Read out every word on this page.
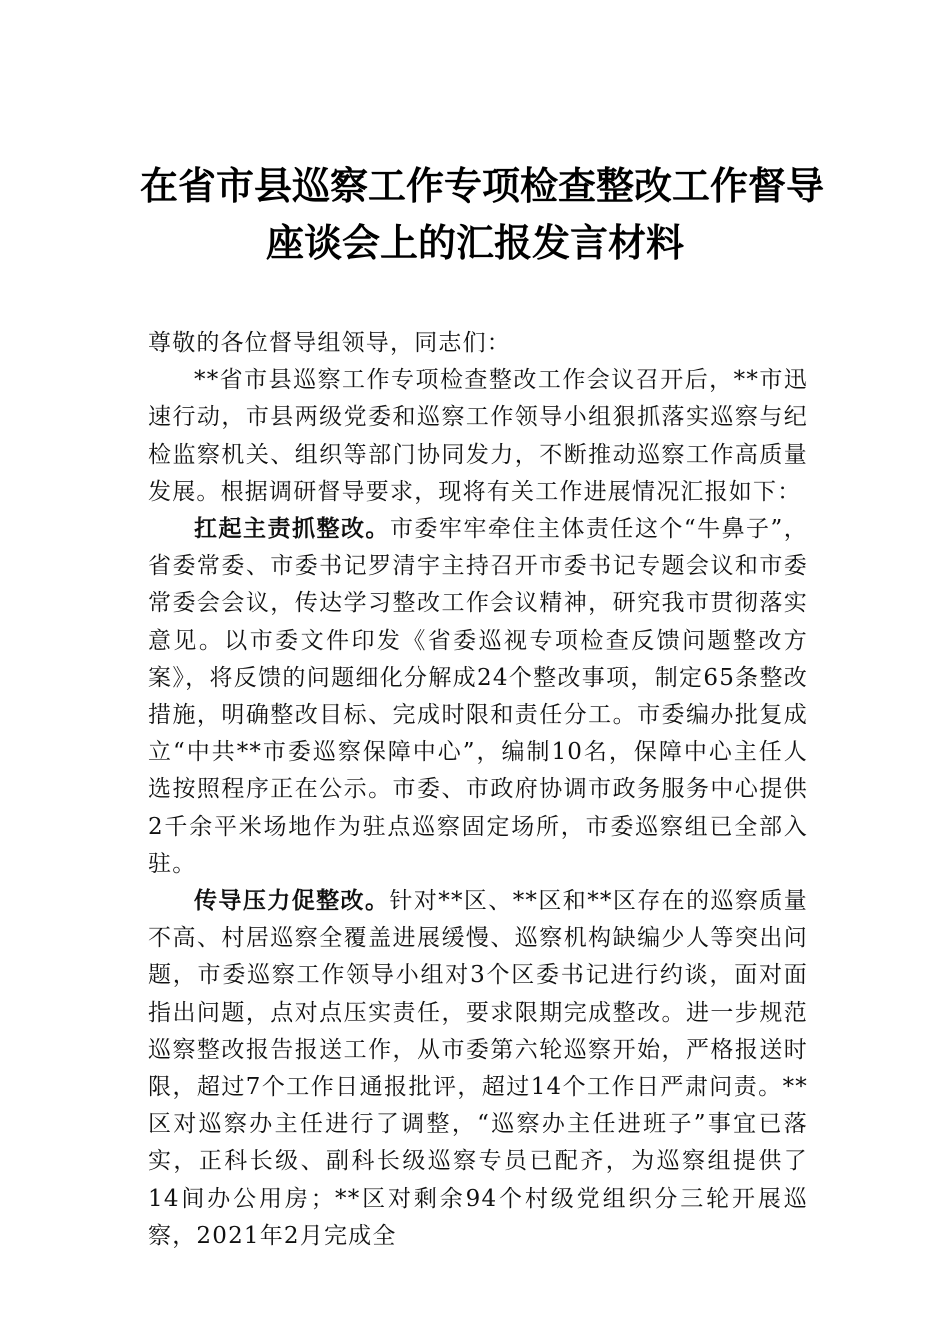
在省市县巡察工作专项检查整改工作督导
座谈会上的汇报发言材料

尊敬的各位督导组领导，同志们：

**省市县巡察工作专项检查整改工作会议召开后，**市迅速行动，市县两级党委和巡察工作领导小组狠抓落实巡察与纪检监察机关、组织等部门协同发力，不断推动巡察工作高质量发展。根据调研督导要求，现将有关工作进展情况汇报如下：

扛起主责抓整改。市委牢牢牵住主体责任这个“牛鼻子”，省委常委、市委书记罗清宇主持召开市委书记专题会议和市委常委会会议，传达学习整改工作会议精神，研究我市贯彻落实意见。以市委文件印发《省委巡视专项检查反馈问题整改方案》，将反馈的问题细化分解成24个整改事项，制定65条整改措施，明确整改目标、完成时限和责任分工。市委编办批复成立“中共**市委巡察保障中心”，编制10名，保障中心主任人选按照程序正在公示。市委、市政府协调市政务服务中心提供2千余平米场地作为驻点巡察固定场所，市委巡察组已全部入驻。

传导压力促整改。针对**区、**区和**区存在的巡察质量不高、村居巡察全覆盖进展缓慢、巡察机构缺编少人等突出问题，市委巡察工作领导小组对3个区委书记进行约谈，面对面指出问题，点对点压实责任，要求限期完成整改。进一步规范巡察整改报告报送工作，从市委第六轮巡察开始，严格报送时限，超过7个工作日通报批评，超过14个工作日严肃问责。**区对巡察办主任进行了调整，“巡察办主任进班子”事宜已落实，正科长级、副科长级巡察专员已配齐，为巡察组提供了14间办公用房；**区对剩余94个村级党组织分三轮开展巡察，2021年2月完成全
